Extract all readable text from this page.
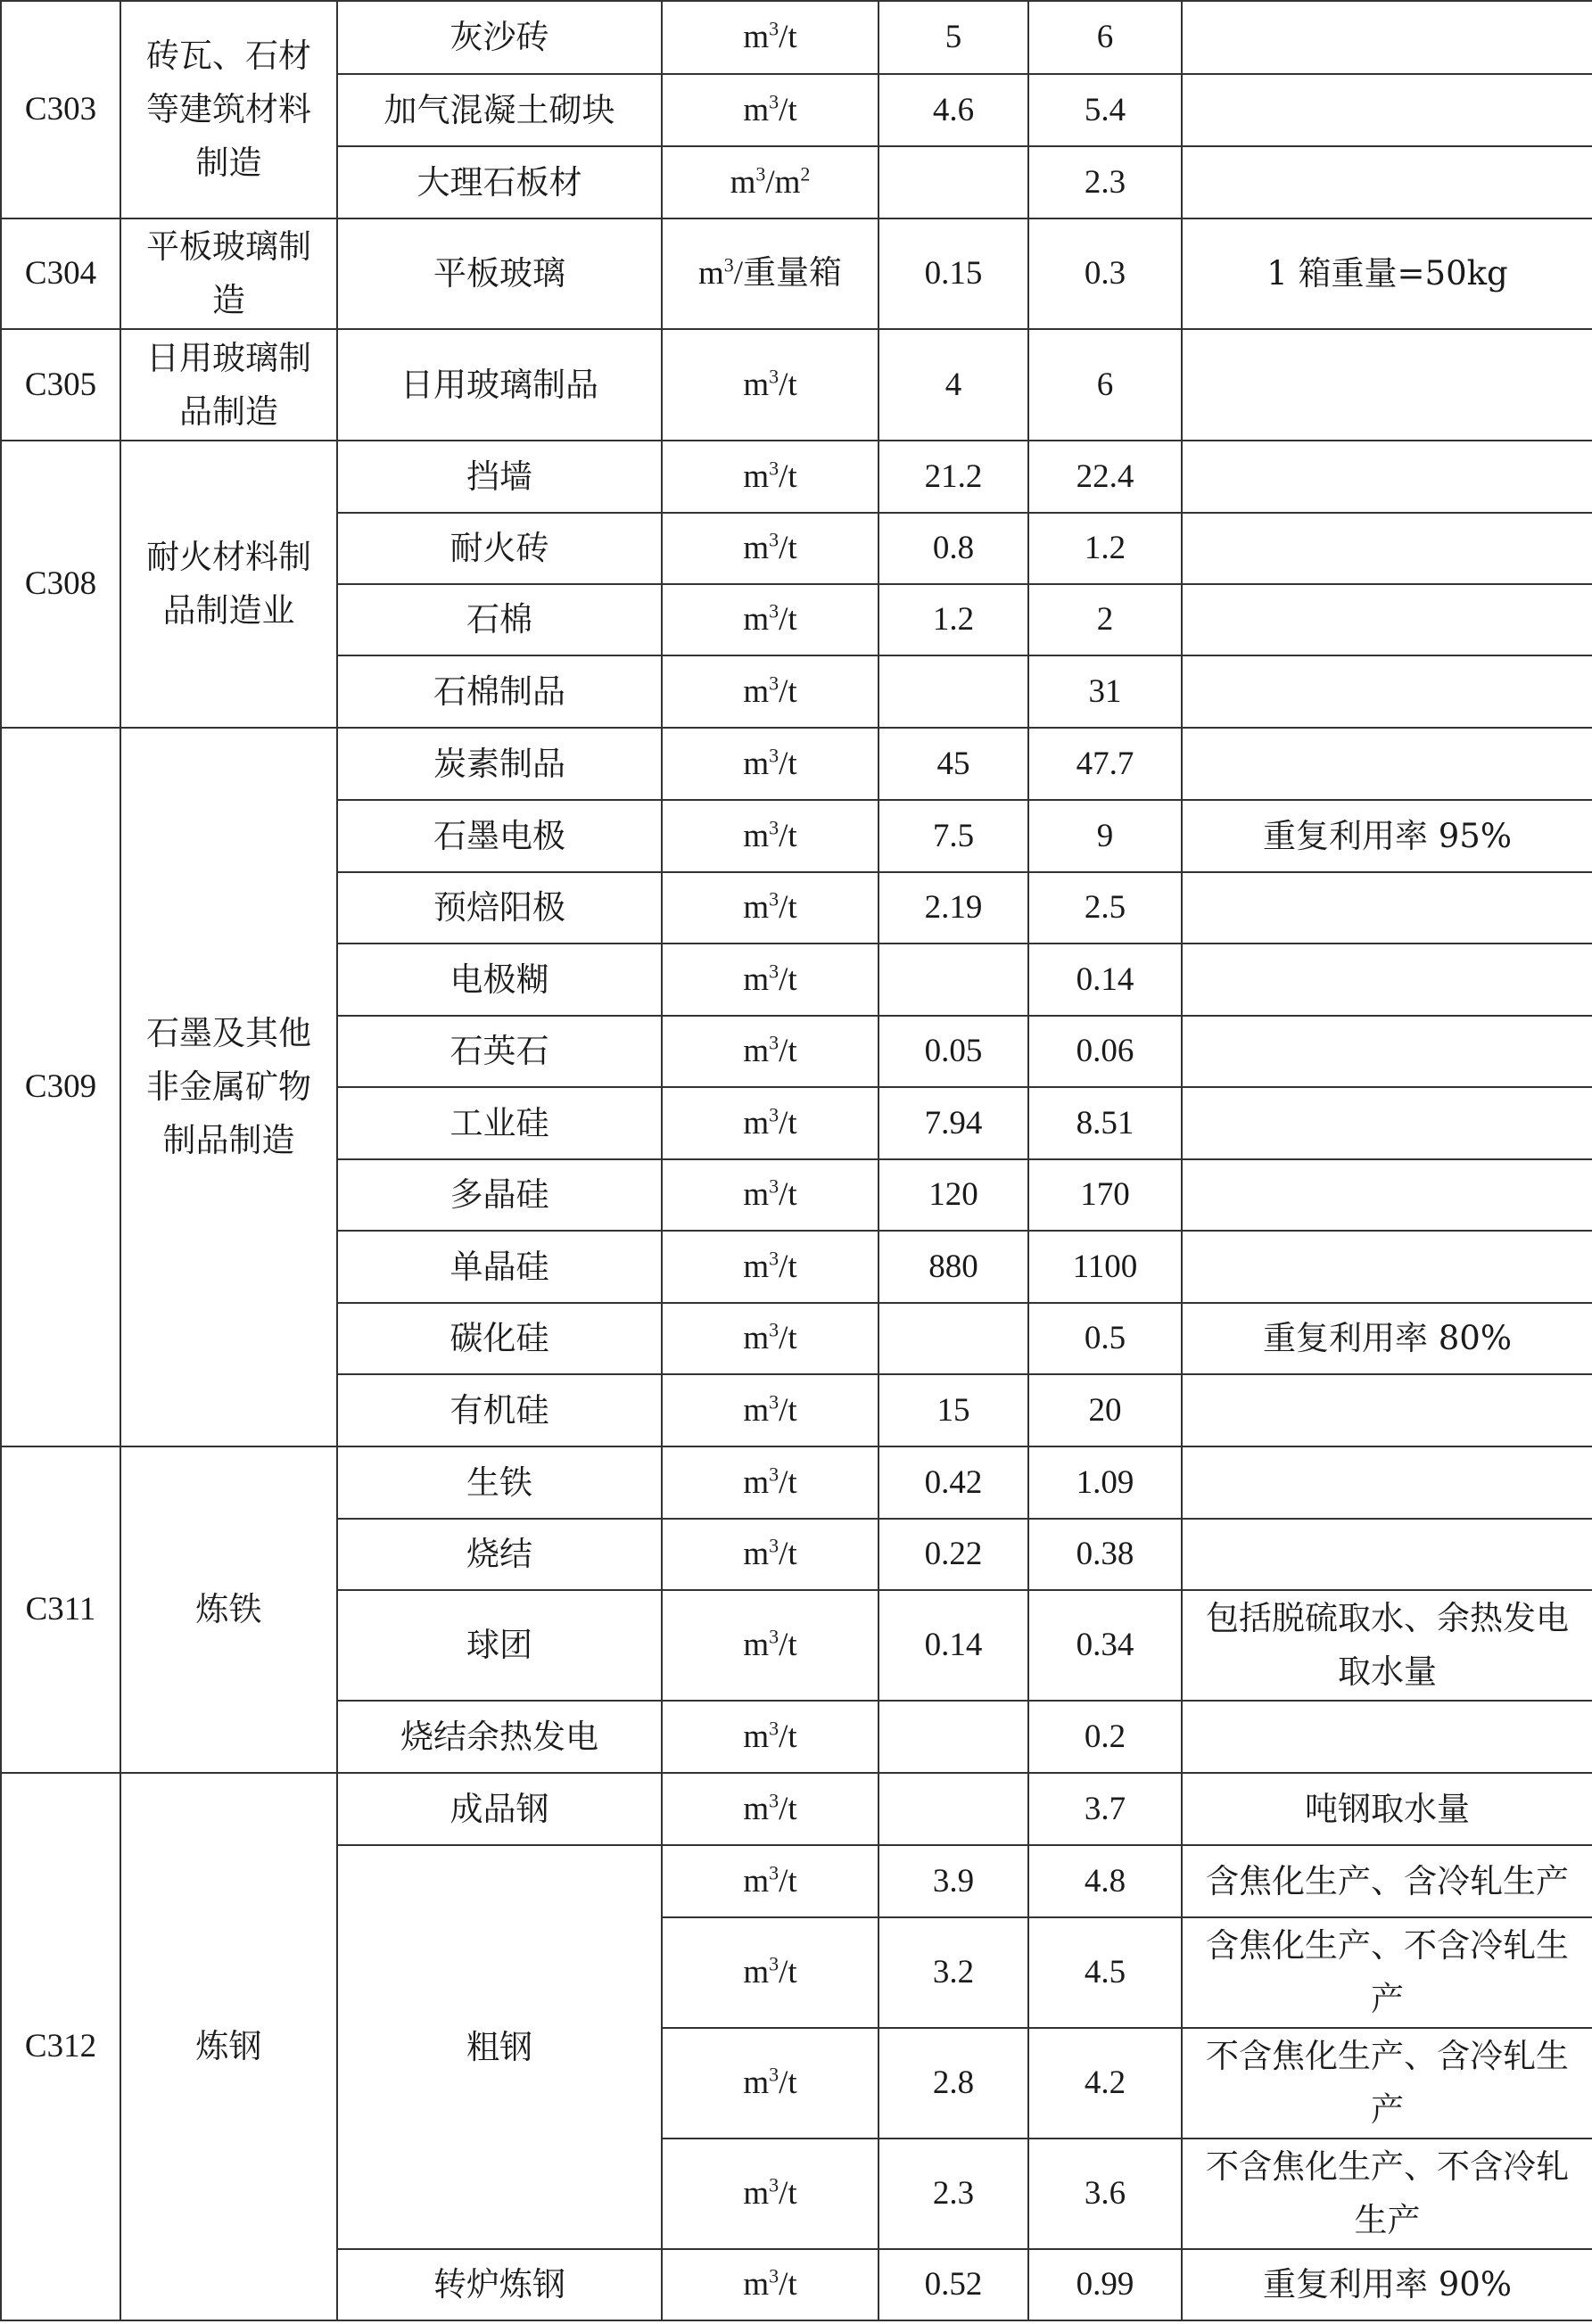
C303	砖瓦、石材等建筑材料制造	灰沙砖	$m^3/t$	5	6	
		加气混凝土砌块	$m^3/t$	4.6	5.4	
		大理石板材	$m^3/m^2$		2.3	
C304	平板玻璃制造	平板玻璃	$m^3/$重量箱	0.15	0.3	1 箱重量=50kg
C305	日用玻璃制品制造	日用玻璃制品	$m^3/t$	4	6	
C308	耐火材料制品制造业	挡墙	$m^3/t$	21.2	22.4	
		耐火砖	$m^3/t$	0.8	1.2	
		石棉	$m^3/t$	1.2	2	
		石棉制品	$m^3/t$		31	
C309	石墨及其他非金属矿物制品制造	炭素制品	$m^3/t$	45	47.7	
		石墨电极	$m^3/t$	7.5	9	重复利用率 95%
		预焙阳极	$m^3/t$	2.19	2.5	
		电极糊	$m^3/t$		0.14	
		石英石	$m^3/t$	0.05	0.06	
		工业硅	$m^3/t$	7.94	8.51	
		多晶硅	$m^3/t$	120	170	
		单晶硅	$m^3/t$	880	1100	
		碳化硅	$m^3/t$		0.5	重复利用率 80%
		有机硅	$m^3/t$	15	20	
C311	炼铁	生铁	$m^3/t$	0.42	1.09	
		烧结	$m^3/t$	0.22	0.38	
		球团	$m^3/t$	0.14	0.34	包括脱硫取水、余热发电取水量
		烧结余热发电	$m^3/t$		0.2	
C312	炼钢	成品钢	$m^3/t$		3.7	吨钢取水量
		粗钢	$m^3/t$	3.9	4.8	含焦化生产、含冷轧生产
			$m^3/t$	3.2	4.5	含焦化生产、不含冷轧生产
			$m^3/t$	2.8	4.2	不含焦化生产、含冷轧生产
			$m^3/t$	2.3	3.6	不含焦化生产、不含冷轧生产
		转炉炼钢	$m^3/t$	0.52	0.99	重复利用率 90%
